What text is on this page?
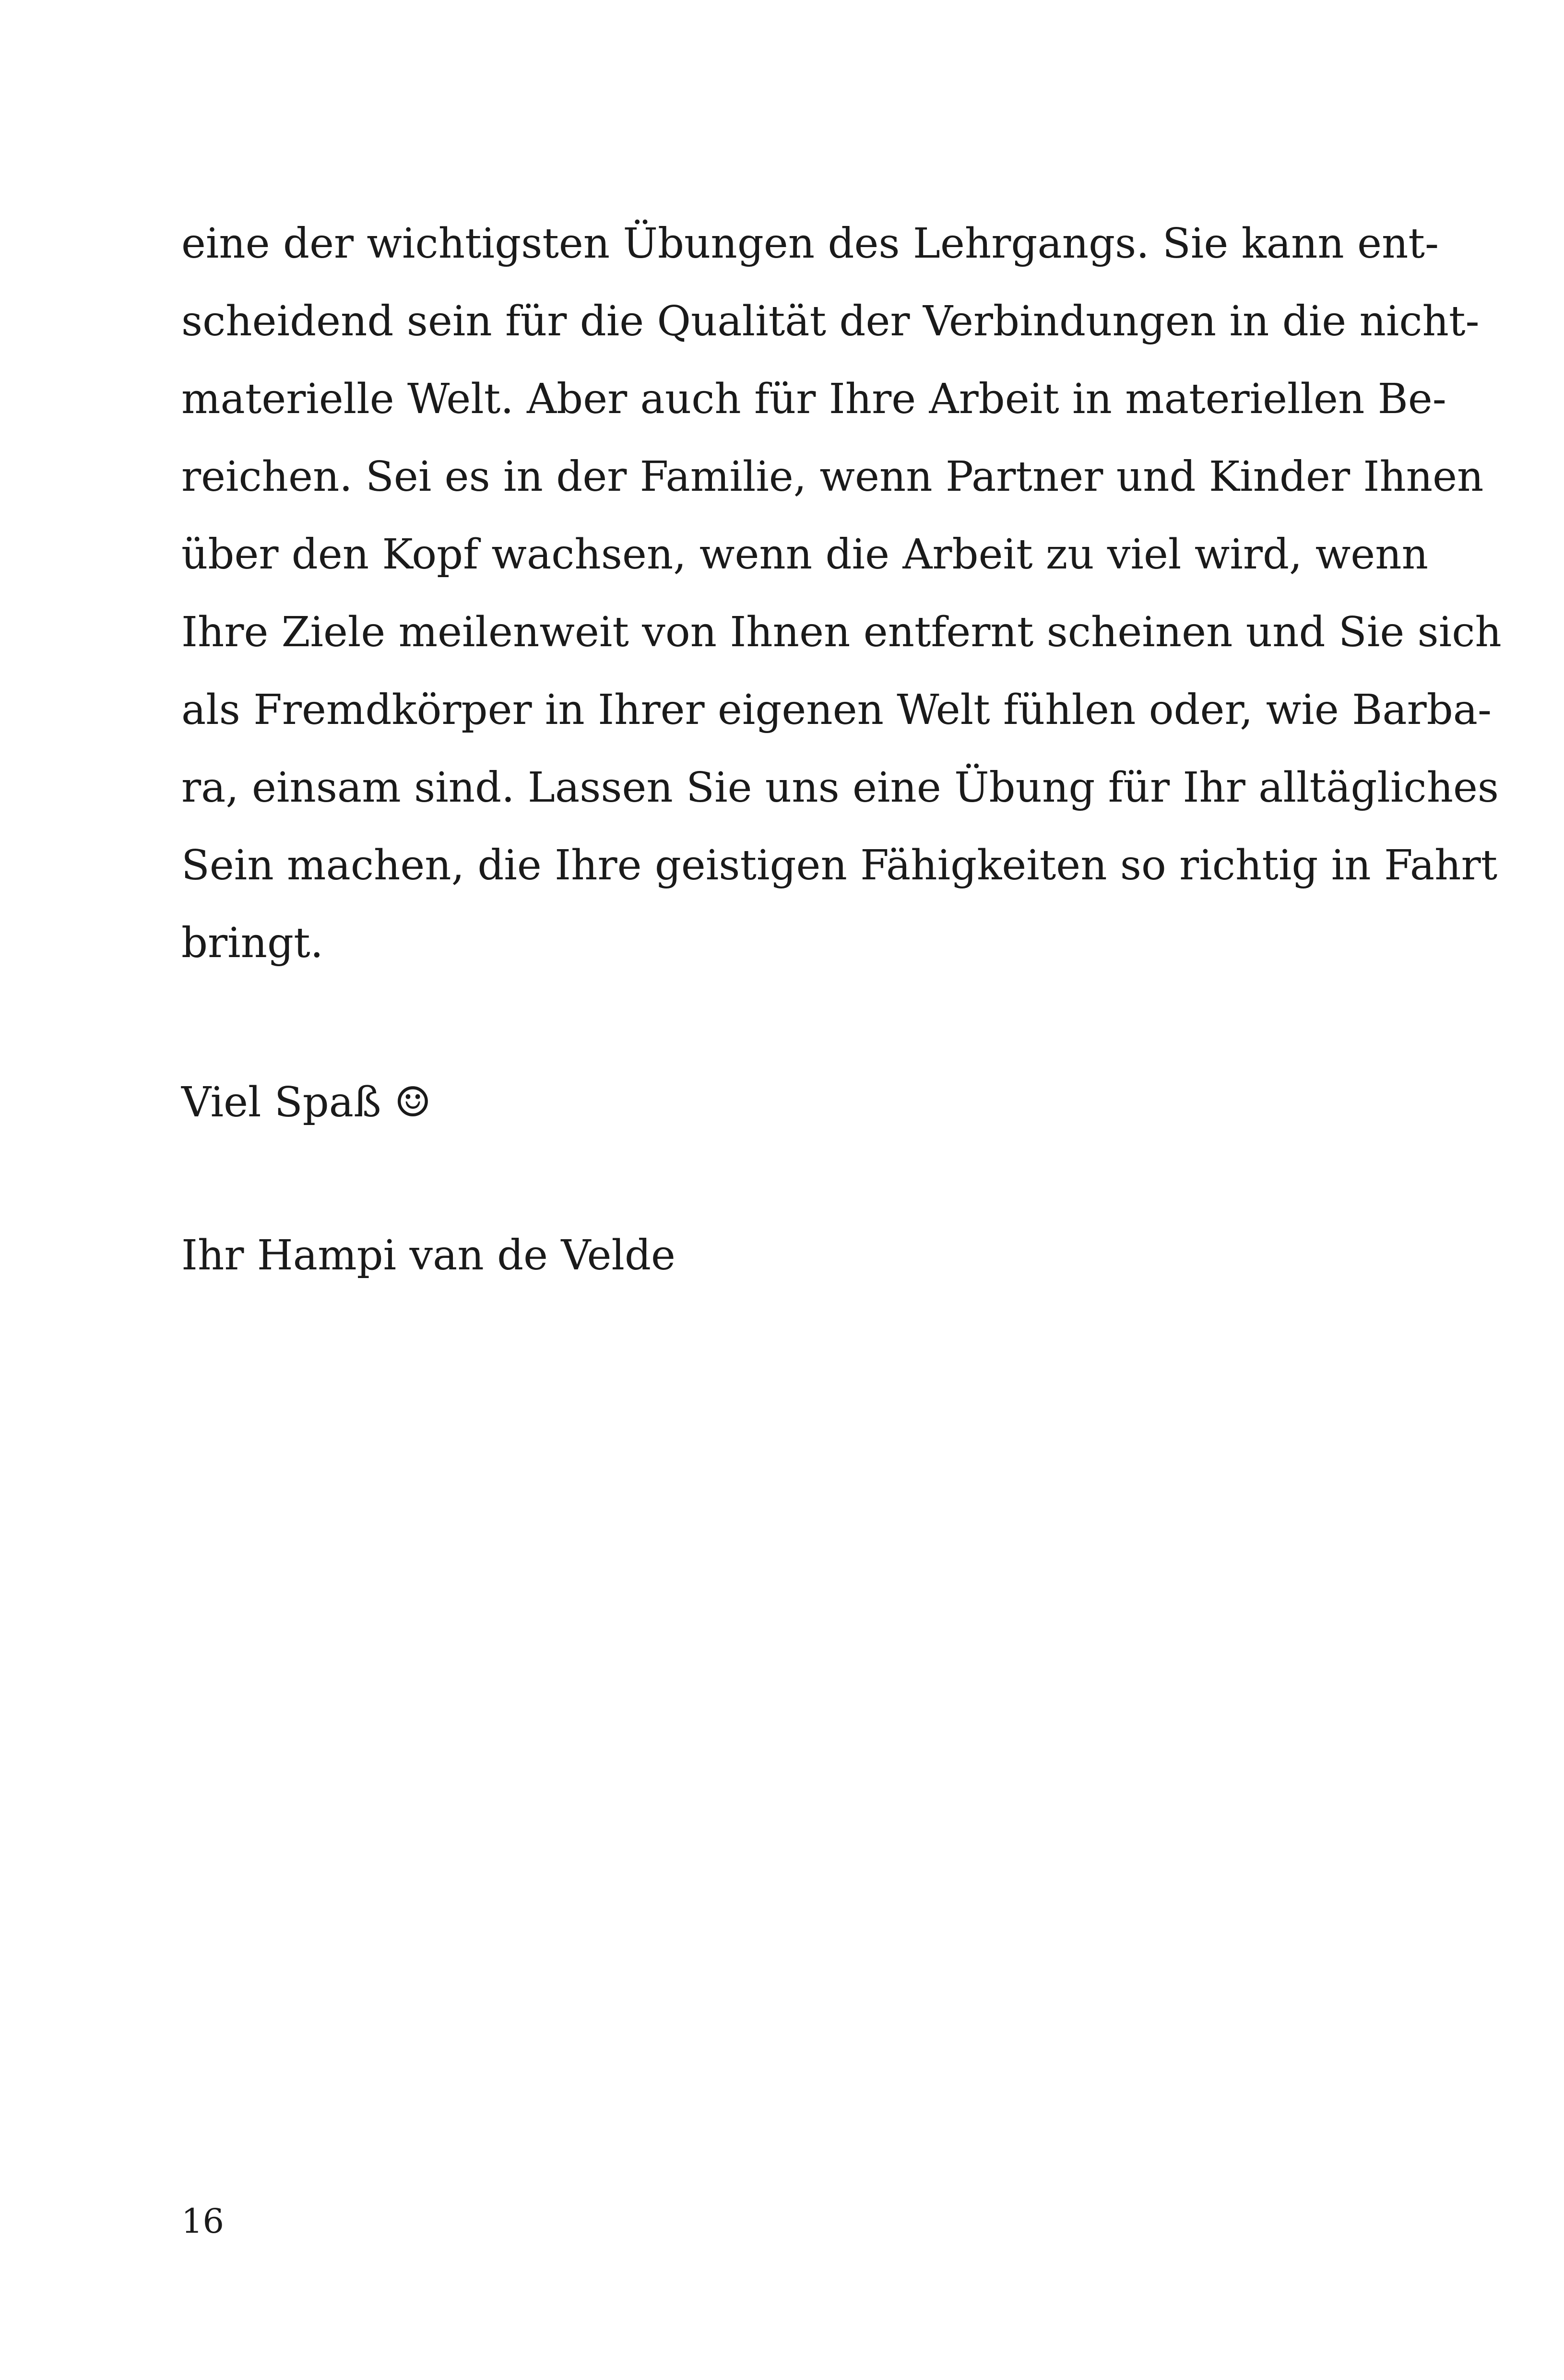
eine der wichtigsten Übungen des Lehrgangs. Sie kann ent-
scheidend sein für die Qualität der Verbindungen in die nicht-
materielle Welt. Aber auch für Ihre Arbeit in materiellen Be-
reichen. Sei es in der Familie, wenn Partner und Kinder Ihnen
über den Kopf wachsen, wenn die Arbeit zu viel wird, wenn
Ihre Ziele meilenweit von Ihnen entfernt scheinen und Sie sich
als Fremdkörper in Ihrer eigenen Welt fühlen oder, wie Barba-
ra, einsam sind. Lassen Sie uns eine Übung für Ihr alltägliches
Sein machen, die Ihre geistigen Fähigkeiten so richtig in Fahrt
bringt.

Viel Spaß ☺

Ihr Hampi van de Velde

16
